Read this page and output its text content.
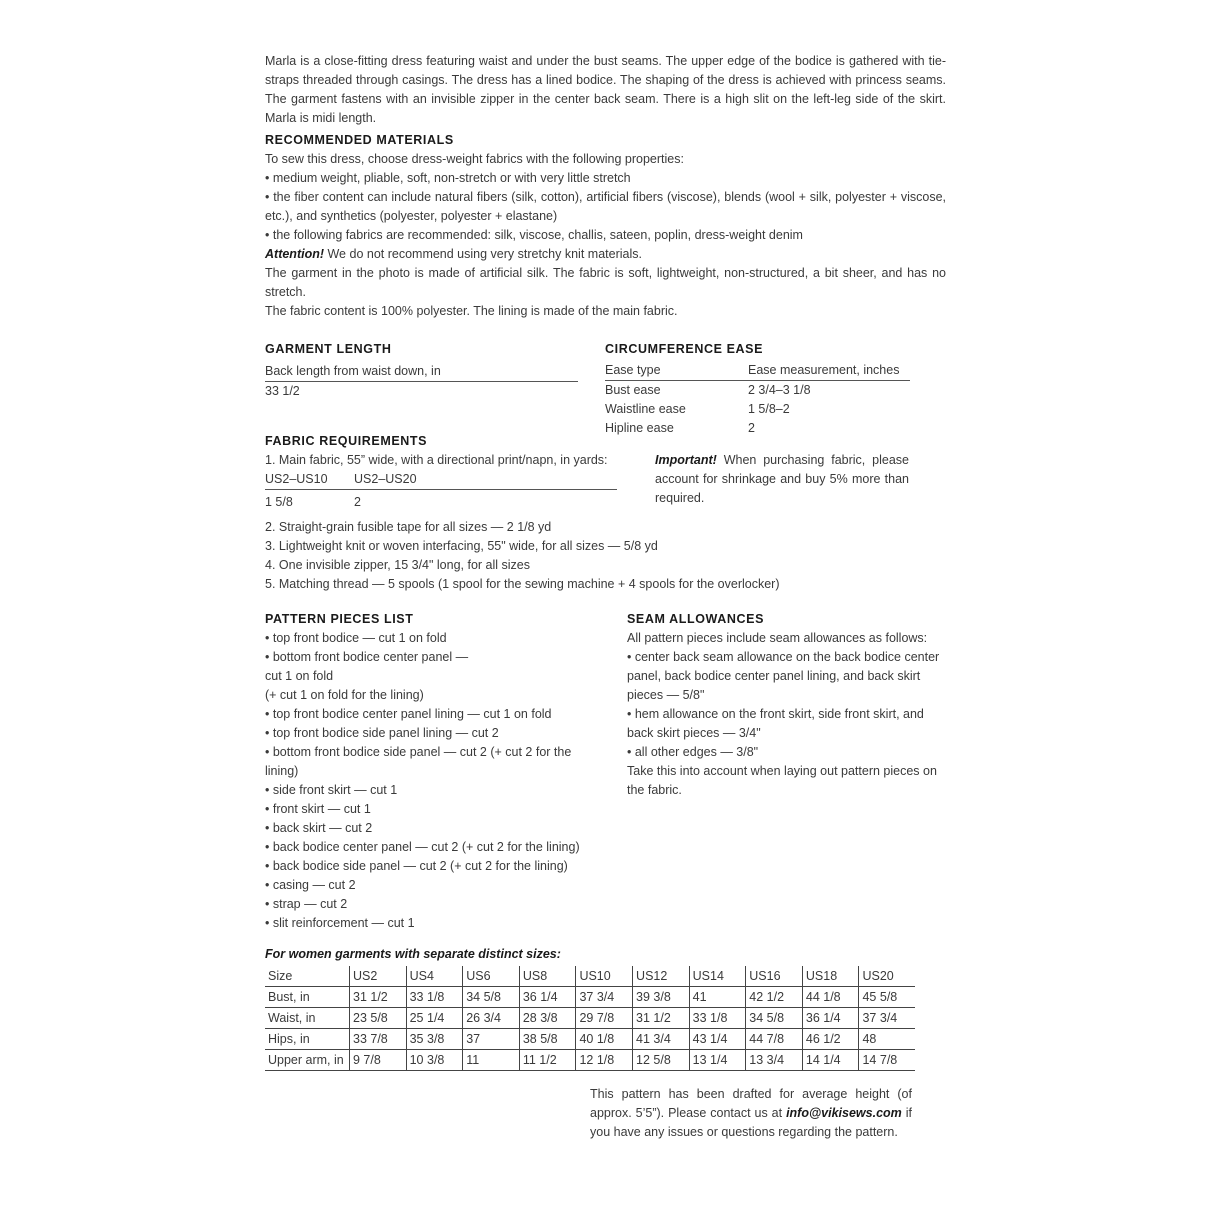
Marla is a close-fitting dress featuring waist and under the bust seams. The upper edge of the bodice is gathered with tie-straps threaded through casings. The dress has a lined bodice. The shaping of the dress is achieved with princess seams. The garment fastens with an invisible zipper in the center back seam. There is a high slit on the left-leg side of the skirt. Marla is midi length.

RECOMMENDED MATERIALS

To sew this dress, choose dress-weight fabrics with the following properties:

• medium weight, pliable, soft, non-stretch or with very little stretch

• the fiber content can include natural fibers (silk, cotton), artificial fibers (viscose), blends (wool + silk, polyester + viscose, etc.), and synthetics (polyester, polyester + elastane)

• the following fabrics are recommended: silk, viscose, challis, sateen, poplin, dress-weight denim

Attention! We do not recommend using very stretchy knit materials.

The garment in the photo is made of artificial silk. The fabric is soft, lightweight, non-structured, a bit sheer, and has no stretch.

The fabric content is 100% polyester. The lining is made of the main fabric.

GARMENT LENGTH
Back length from waist down, in
33 1/2
CIRCUMFERENCE EASE
Ease type	Ease measurement, inches
Bust ease	2 3/4–3 1/8
Waistline ease	1 5/8–2
Hipline ease	2
FABRIC REQUIREMENTS

1. Main fabric, 55” wide, with a directional print/napn, in yards:

US2–US10	US2–US20
1 5/8	2

Important! When purchasing fabric, please account for shrinkage and buy 5% more than required.

2. Straight-grain fusible tape for all sizes — 2 1/8 yd

3. Lightweight knit or woven interfacing, 55" wide, for all sizes — 5/8 yd

4. One invisible zipper, 15 3/4" long, for all sizes

5. Matching thread — 5 spools (1 spool for the sewing machine + 4 spools for the overlocker)

PATTERN PIECES LIST

• top front bodice — cut 1 on fold

• bottom front bodice center panel —

cut 1 on fold

(+ cut 1 on fold for the lining)

• top front bodice center panel lining — cut 1 on fold

• top front bodice side panel lining — cut 2

• bottom front bodice side panel — cut 2 (+ cut 2 for the

lining)

• side front skirt — cut 1

• front skirt — cut 1

• back skirt — cut 2

• back bodice center panel — cut 2 (+ cut 2 for the lining)

• back bodice side panel — cut 2 (+ cut 2 for the lining)

• casing — cut 2

• strap — cut 2

• slit reinforcement — cut 1

SEAM ALLOWANCES

All pattern pieces include seam allowances as follows:

• center back seam allowance on the back bodice center panel, back bodice center panel lining, and back skirt pieces — 5/8"

• hem allowance on the front skirt, side front skirt, and back skirt pieces — 3/4"

• all other edges — 3/8"

Take this into account when laying out pattern pieces on the fabric.

For women garments with separate distinct sizes:
Size	US2	US4	US6	US8	US10	US12	US14	US16	US18	US20
Bust, in	31 1/2	33 1/8	34 5/8	36 1/4	37 3/4	39 3/8	41	42 1/2	44 1/8	45 5/8
Waist, in	23 5/8	25 1/4	26 3/4	28 3/8	29 7/8	31 1/2	33 1/8	34 5/8	36 1/4	37 3/4
Hips, in	33 7/8	35 3/8	37	38 5/8	40 1/8	41 3/4	43 1/4	44 7/8	46 1/2	48
Upper arm, in	9 7/8	10 3/8	11	11 1/2	12 1/8	12 5/8	13 1/4	13 3/4	14 1/4	14 7/8

This pattern has been drafted for average height (of approx. 5’5”). Please contact us at info@vikisews.com if you have any issues or questions regarding the pattern.
